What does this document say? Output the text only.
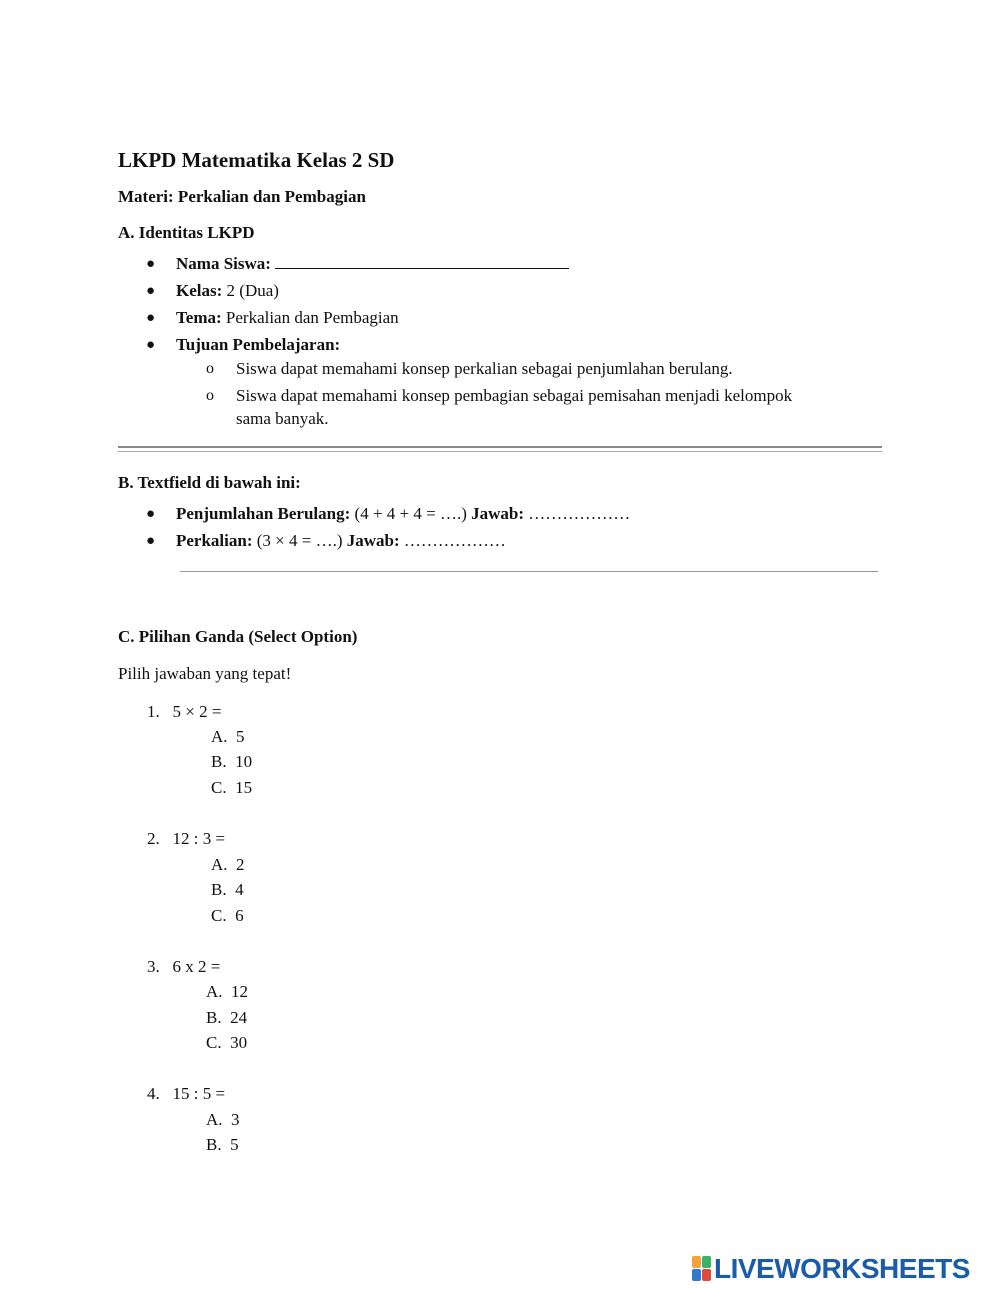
LKPD Matematika Kelas 2 SD
Materi: Perkalian dan Pembagian
A. Identitas LKPD
● Nama Siswa:
● Kelas: 2 (Dua)
● Tema: Perkalian dan Pembagian
● Tujuan Pembelajaran:
o Siswa dapat memahami konsep perkalian sebagai penjumlahan berulang.
o Siswa dapat memahami konsep pembagian sebagai pemisahan menjadi kelompok
sama banyak.
B. Textfield di bawah ini:
● Penjumlahan Berulang: (4 + 4 + 4 = ….) Jawab: ………………
● Perkalian: (3 × 4 = ….) Jawab: ………………
C. Pilihan Ganda (Select Option)
Pilih jawaban yang tepat!
1. 5 × 2 =
A. 5
B. 10
C. 15
2. 12 : 3 =
A. 2
B. 4
C. 6
3. 6 x 2 =
A. 12
B. 24
C. 30
4. 15 : 5 =
A. 3
B. 5
LIVEWORKSHEETS
